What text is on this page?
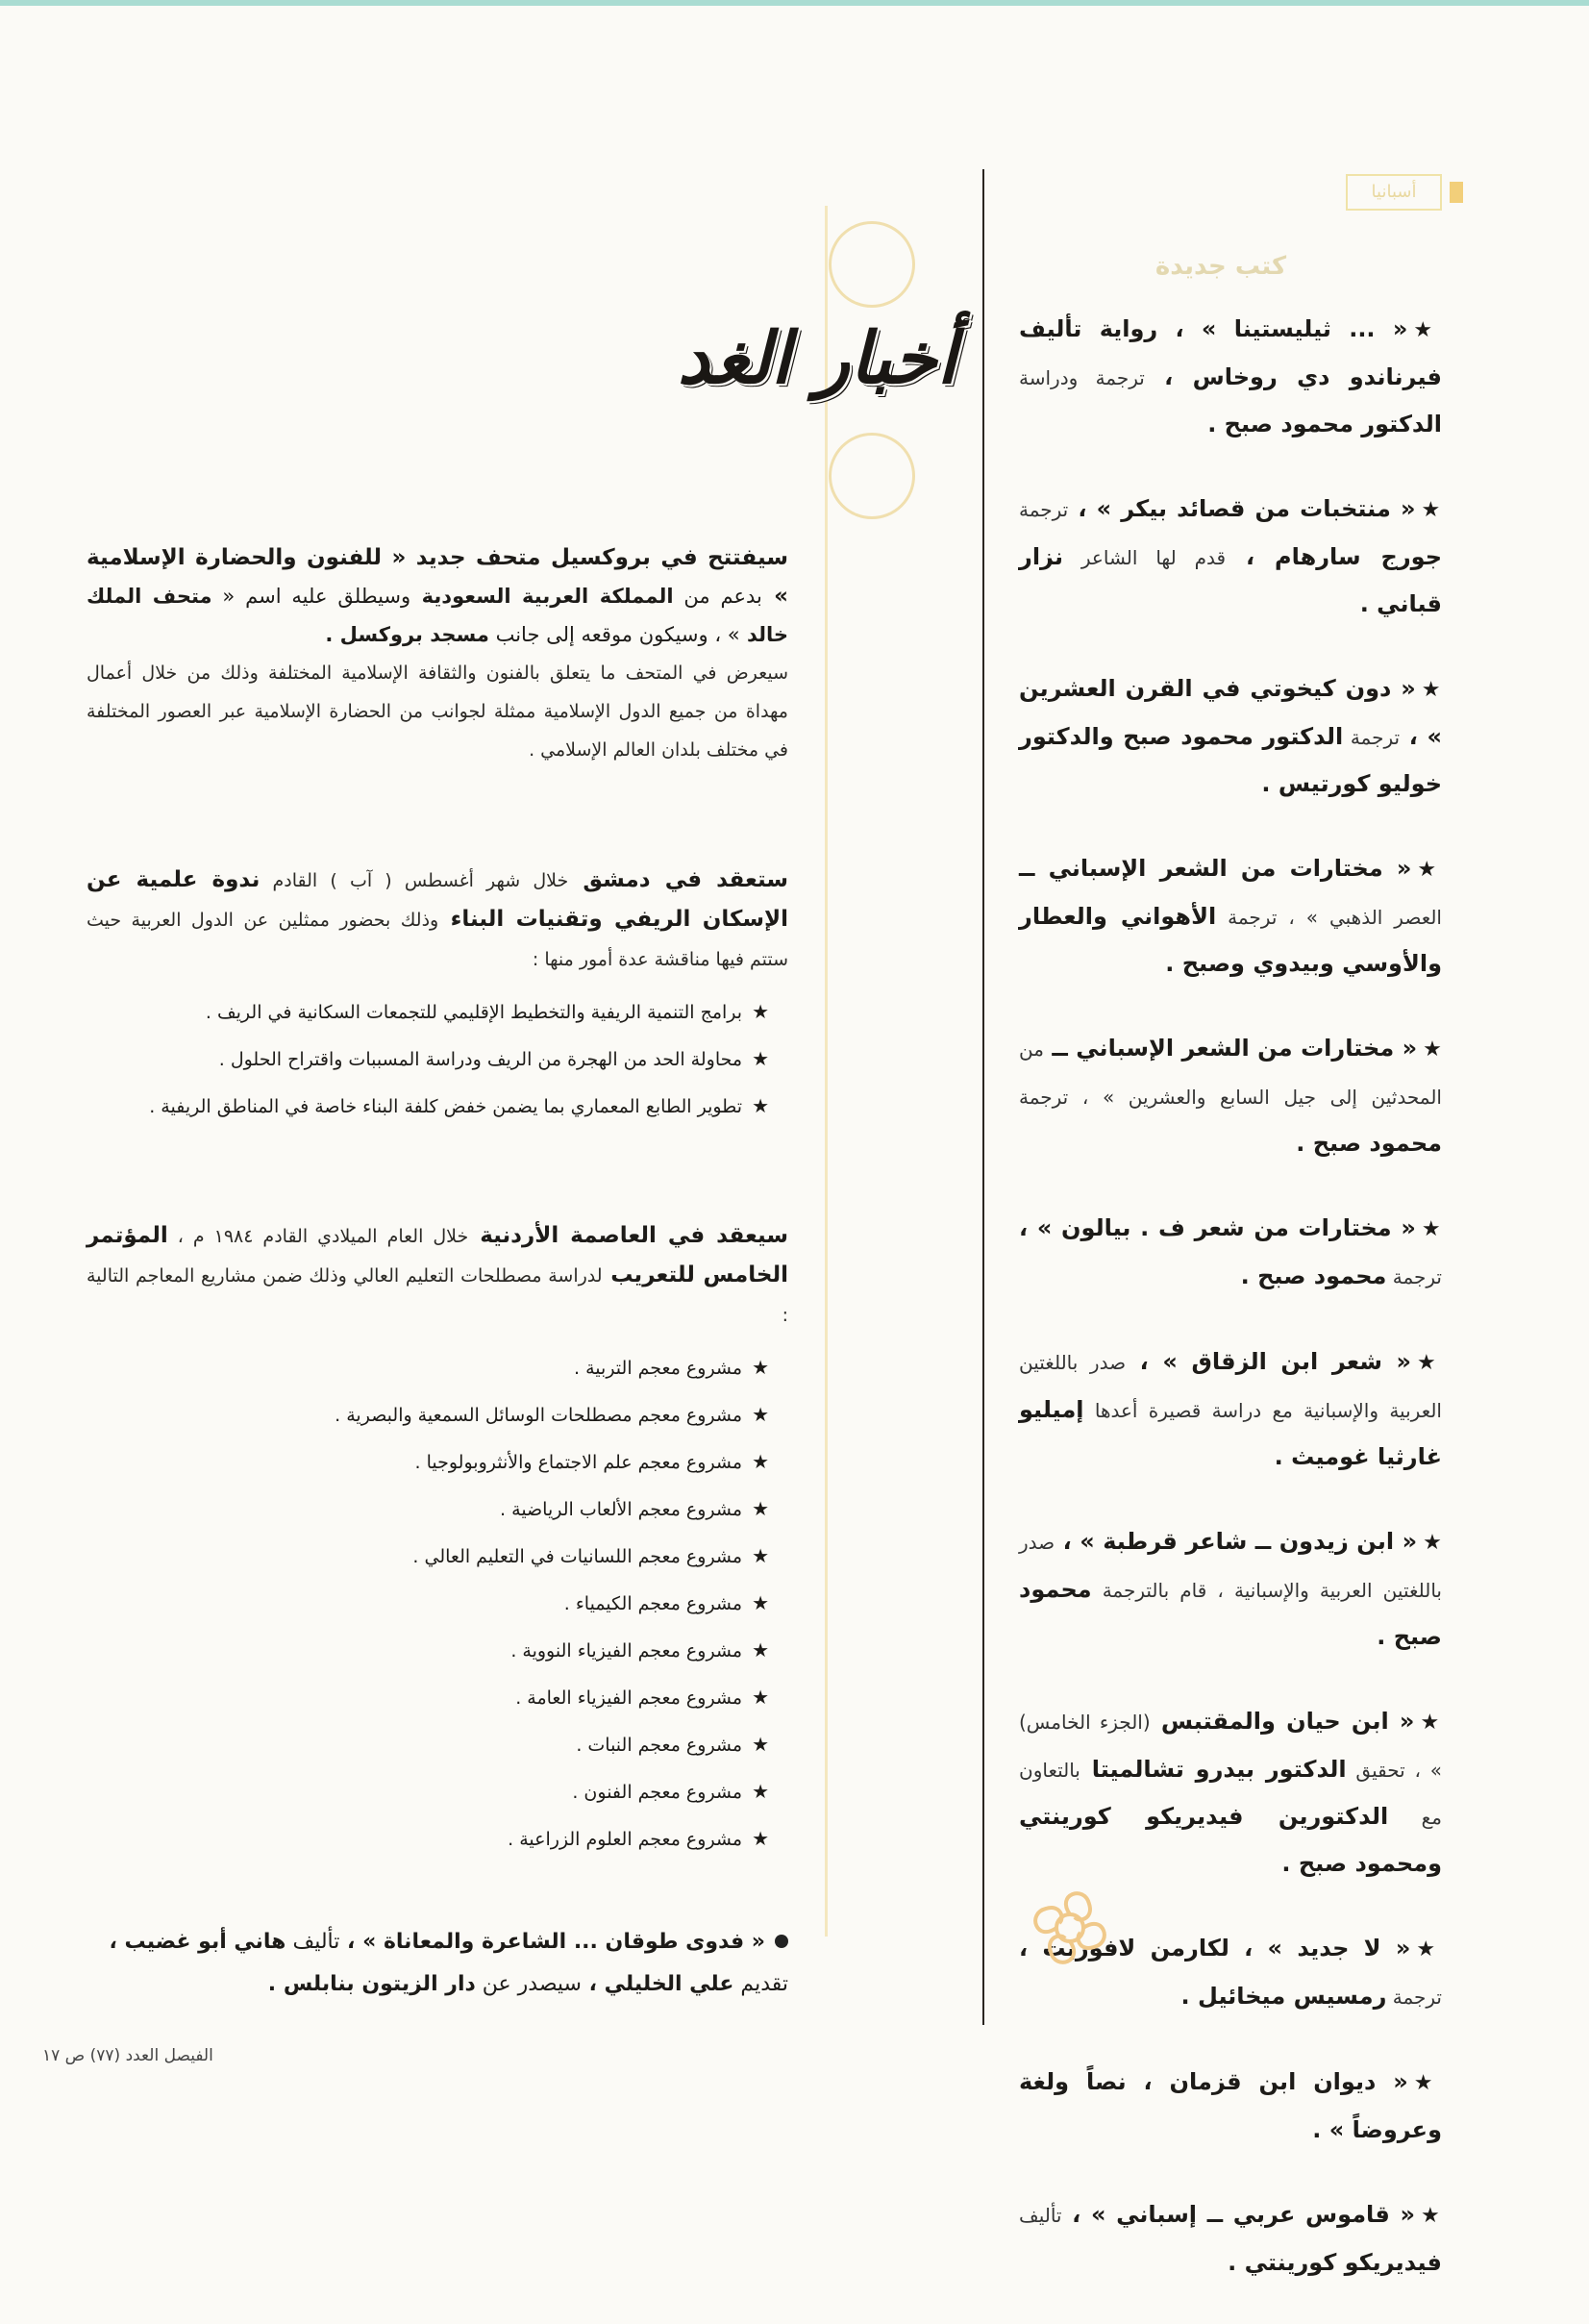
أسبانيا
كتب جديدة
★« ... ثيليستينا » ، رواية تأليف فيرناندو دي روخاس ، ترجمة ودراسة الدكتور محمود صبح .
★« منتخبات من قصائد بيكر » ، ترجمة جورج سارهام ، قدم لها الشاعر نزار قباني .
★« دون كيخوتي في القرن العشرين » ، ترجمة الدكتور محمود صبح والدكتور خوليو كورتيس .
★« مختارات من الشعر الإسباني ــ العصر الذهبي » ، ترجمة الأهواني والعطار والأوسي وبيدوي وصبح .
★« مختارات من الشعر الإسباني ــ من المحدثين إلى جيل السابع والعشرين » ، ترجمة محمود صبح .
★« مختارات من شعر ف . بيالون » ، ترجمة محمود صبح .
★« شعر ابن الزقاق » ، صدر باللغتين العربية والإسبانية مع دراسة قصيرة أعدها إميليو غارثيا غوميث .
★« ابن زيدون ــ شاعر قرطبة » ، صدر باللغتين العربية والإسبانية ، قام بالترجمة محمود صبح .
★« ابن حيان والمقتبس (الجزء الخامس) » ، تحقيق الدكتور بيدرو تشالميتا بالتعاون مع الدكتورين فيديريكو كورينتي ومحمود صبح .
★« لا جديد » ، لكارمن لافوريت ، ترجمة رمسيس ميخائيل .
★« ديوان ابن قزمان ، نصاً ولغة وعروضاً » .
★« قاموس عربي ــ إسباني » ، تأليف فيديريكو كورينتي .
أخبار الغد
سيفتتح في بروكسيل متحف جديد « للفنون والحضارة الإسلامية » بدعم من المملكة العربية السعودية وسيطلق عليه اسم « متحف الملك خالد » ، وسيكون موقعه إلى جانب مسجد بروكسل .
سيعرض في المتحف ما يتعلق بالفنون والثقافة الإسلامية المختلفة وذلك من خلال أعمال مهداة من جميع الدول الإسلامية ممثلة لجوانب من الحضارة الإسلامية عبر العصور المختلفة في مختلف بلدان العالم الإسلامي .
ستعقد في دمشق خلال شهر أغسطس ( آب ) القادم ندوة علمية عن الإسكان الريفي وتقنيات البناء وذلك بحضور ممثلين عن الدول العربية حيث ستتم فيها مناقشة عدة أمور منها :
★برامج التنمية الريفية والتخطيط الإقليمي للتجمعات السكانية في الريف .
★محاولة الحد من الهجرة من الريف ودراسة المسببات واقتراح الحلول .
★تطوير الطابع المعماري بما يضمن خفض كلفة البناء خاصة في المناطق الريفية .
سيعقد في العاصمة الأردنية خلال العام الميلادي القادم ١٩٨٤ م ، المؤتمر الخامس للتعريب لدراسة مصطلحات التعليم العالي وذلك ضمن مشاريع المعاجم التالية :
★مشروع معجم التربية .
★مشروع معجم مصطلحات الوسائل السمعية والبصرية .
★مشروع معجم علم الاجتماع والأنثروبولوجيا .
★مشروع معجم الألعاب الرياضية .
★مشروع معجم اللسانيات في التعليم العالي .
★مشروع معجم الكيمياء .
★مشروع معجم الفيزياء النووية .
★مشروع معجم الفيزياء العامة .
★مشروع معجم النبات .
★مشروع معجم الفنون .
★مشروع معجم العلوم الزراعية .
« فدوى طوقان ... الشاعرة والمعاناة » ، تأليف هاني أبو غضيب ،
تقديم علي الخليلي ، سيصدر عن دار الزيتون بنابلس .
الفيصل العدد (٧٧) ص ١٧
